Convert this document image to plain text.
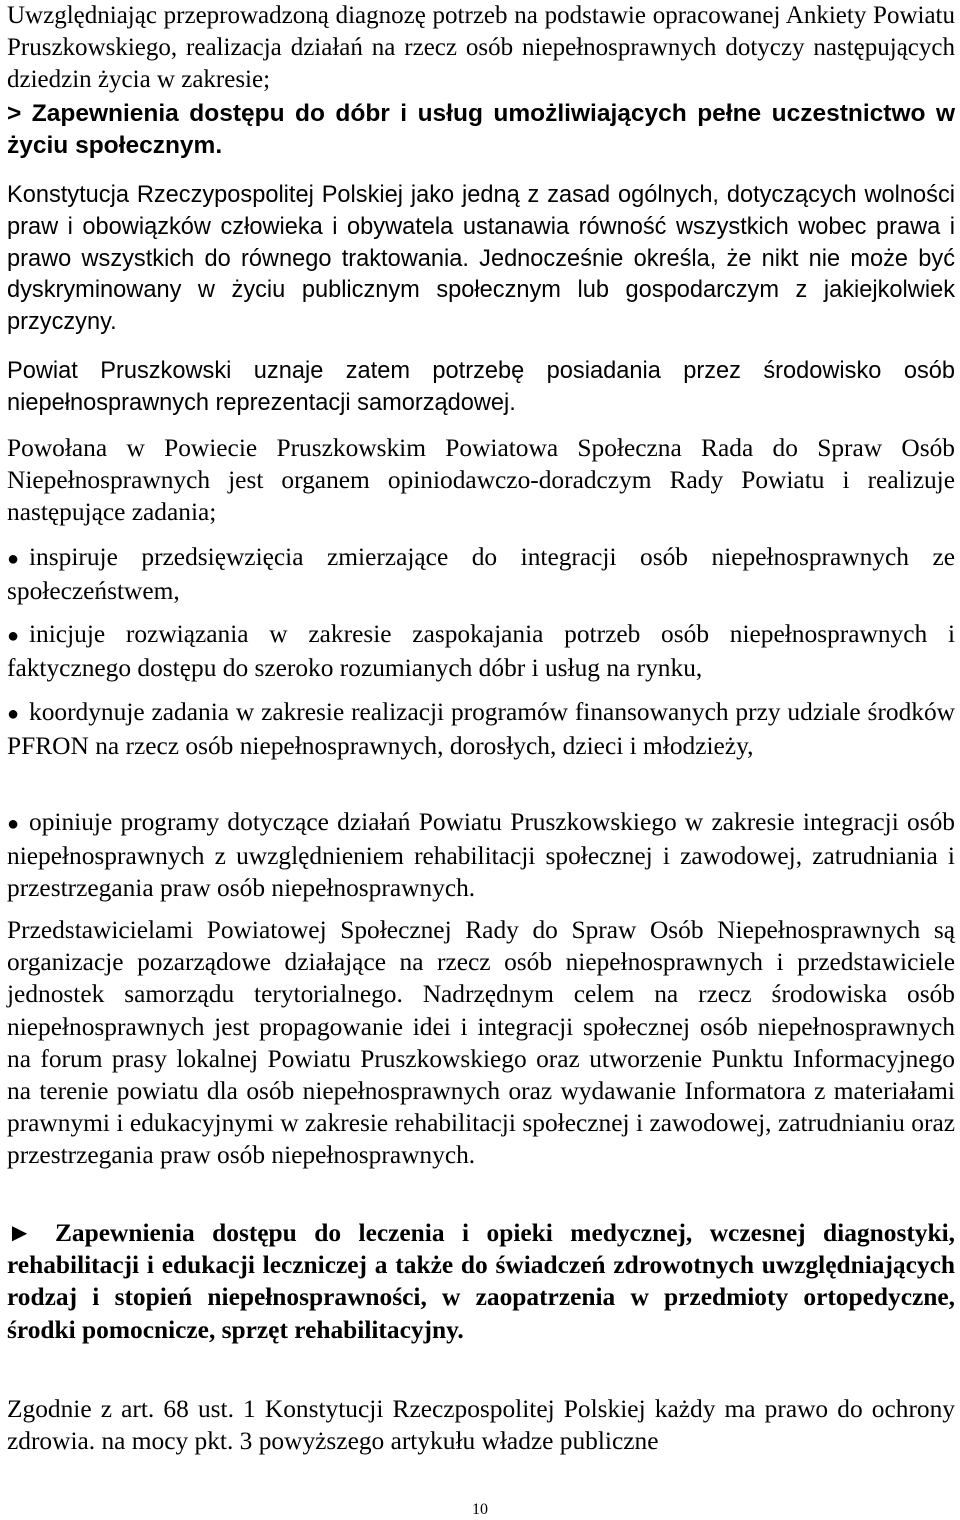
Uwzględniając przeprowadzoną diagnozę potrzeb na podstawie opracowanej Ankiety Powiatu Pruszkowskiego, realizacja działań na rzecz osób niepełnosprawnych dotyczy następujących dziedzin życia w zakresie;

> Zapewnienia dostępu do dóbr i usług umożliwiających pełne uczestnictwo w życiu społecznym.

Konstytucja Rzeczypospolitej Polskiej jako jedną z zasad ogólnych, dotyczących wolności praw i obowiązków człowieka i obywatela ustanawia równość wszystkich wobec prawa i prawo wszystkich do równego traktowania. Jednocześnie określa, że nikt nie może być dyskryminowany w życiu publicznym społecznym lub gospodarczym z jakiejkolwiek przyczyny.

Powiat Pruszkowski uznaje zatem potrzebę posiadania przez środowisko osób niepełnosprawnych reprezentacji samorządowej.

Powołana w Powiecie Pruszkowskim Powiatowa Społeczna Rada do Spraw Osób Niepełnosprawnych jest organem opiniodawczo-doradczym Rady Powiatu i realizuje następujące zadania;

● inspiruje przedsięwzięcia zmierzające do integracji osób niepełnosprawnych ze społeczeństwem,

● inicjuje rozwiązania w zakresie zaspokajania potrzeb osób niepełnosprawnych i faktycznego dostępu do szeroko rozumianych dóbr i usług na rynku,

● koordynuje zadania w zakresie realizacji programów finansowanych przy udziale środków PFRON na rzecz osób niepełnosprawnych, dorosłych, dzieci i młodzieży,

● opiniuje programy dotyczące działań Powiatu Pruszkowskiego w zakresie integracji osób niepełnosprawnych z uwzględnieniem rehabilitacji społecznej i zawodowej, zatrudniania i przestrzegania praw osób niepełnosprawnych.

Przedstawicielami Powiatowej Społecznej Rady do Spraw Osób Niepełnosprawnych są organizacje pozarządowe działające na rzecz osób niepełnosprawnych i przedstawiciele jednostek samorządu terytorialnego. Nadrzędnym celem na rzecz środowiska osób niepełnosprawnych jest propagowanie idei i integracji społecznej osób niepełnosprawnych na forum prasy lokalnej Powiatu Pruszkowskiego oraz utworzenie Punktu Informacyjnego na terenie powiatu dla osób niepełnosprawnych oraz wydawanie Informatora z materiałami prawnymi i edukacyjnymi w zakresie rehabilitacji społecznej i zawodowej, zatrudnianiu oraz przestrzegania praw osób niepełnosprawnych.

► Zapewnienia dostępu do leczenia i opieki medycznej, wczesnej diagnostyki, rehabilitacji i edukacji leczniczej a także do świadczeń zdrowotnych uwzględniających rodzaj i stopień niepełnosprawności, w zaopatrzenia w przedmioty ortopedyczne, środki pomocnicze, sprzęt rehabilitacyjny.

Zgodnie z art. 68 ust. 1 Konstytucji Rzeczpospolitej Polskiej każdy ma prawo do ochrony zdrowia. na mocy pkt. 3 powyższego artykułu władze publiczne

10
